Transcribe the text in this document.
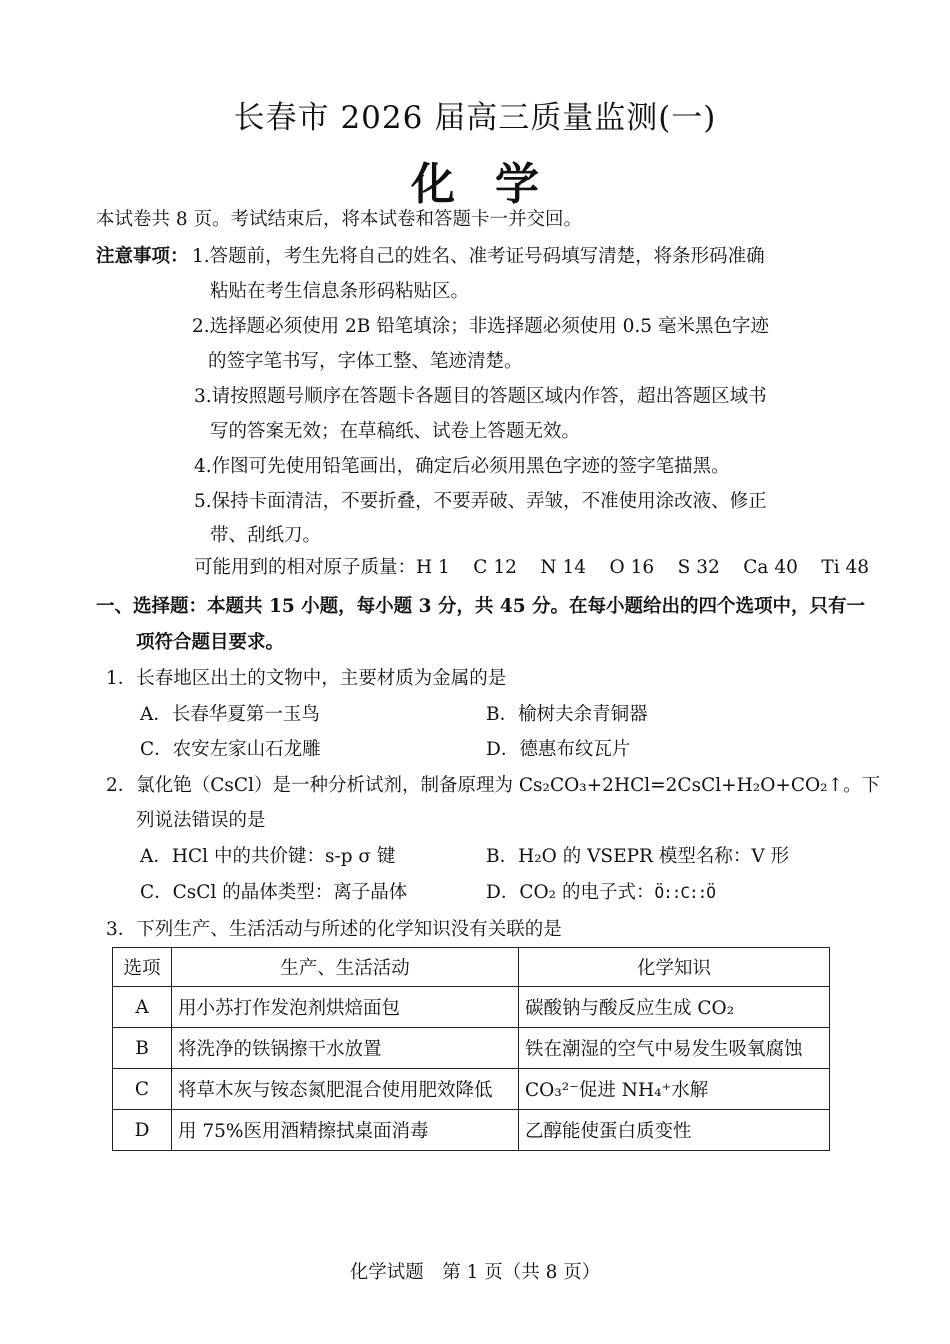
长春市 2026 届高三质量监测(一)
化学
本试卷共 8 页。考试结束后，将本试卷和答题卡一并交回。
注意事项： 1.答题前，考生先将自己的姓名、准考证号码填写清楚，将条形码准确
粘贴在考生信息条形码粘贴区。
2.选择题必须使用 2B 铅笔填涂；非选择题必须使用 0.5 毫米黑色字迹
的签字笔书写，字体工整、笔迹清楚。
3.请按照题号顺序在答题卡各题目的答题区域内作答，超出答题区域书
写的答案无效；在草稿纸、试卷上答题无效。
4.作图可先使用铅笔画出，确定后必须用黑色字迹的签字笔描黑。
5.保持卡面清洁，不要折叠，不要弄破、弄皱，不准使用涂改液、修正
带、刮纸刀。
可能用到的相对原子质量：H 1    C 12    N 14    O 16    S 32    Ca 40    Ti 48
一、选择题：本题共 15 小题，每小题 3 分，共 45 分。在每小题给出的四个选项中，只有一
项符合题目要求。
1．长春地区出土的文物中，主要材质为金属的是
A．长春华夏第一玉鸟	B．榆树夫余青铜器
C．农安左家山石龙雕	D．德惠布纹瓦片
2．氯化铯（CsCl）是一种分析试剂，制备原理为 Cs₂CO₃+2HCl=2CsCl+H₂O+CO₂↑。下
列说法错误的是
A．HCl 中的共价键：s-p σ 键	B．H₂O 的 VSEPR 模型名称：V 形
C．CsCl 的晶体类型：离子晶体	D．CO₂ 的电子式：Ö::C::Ö
3．下列生产、生活活动与所述的化学知识没有关联的是
选项	生产、生活活动	化学知识
A	用小苏打作发泡剂烘焙面包	碳酸钠与酸反应生成 CO₂
B	将洗净的铁锅擦干水放置	铁在潮湿的空气中易发生吸氧腐蚀
C	将草木灰与铵态氮肥混合使用肥效降低	CO₃²⁻促进 NH₄⁺水解
D	用 75%医用酒精擦拭桌面消毒	乙醇能使蛋白质变性
化学试题　第 1 页（共 8 页）
